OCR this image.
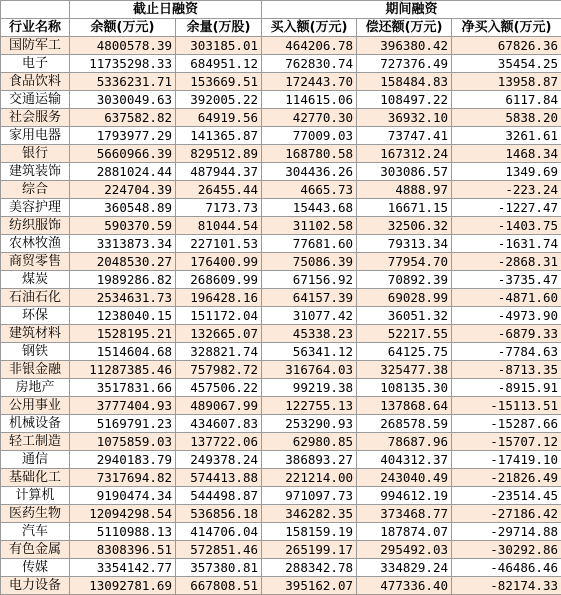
	截止日融资		期间融资		
行业名称	余额(万元)	余量(万股)	买入额(万元)	偿还额(万元)	净买入额(万元)
国防军工	4800578.39	303185.01	464206.78	396380.42	67826.36
电子	11735298.33	684951.12	762830.74	727376.49	35454.25
食品饮料	5336231.71	153669.51	172443.70	158484.83	13958.87
交通运输	3030049.63	392005.22	114615.06	108497.22	6117.84
社会服务	637582.82	64919.56	42770.30	36932.10	5838.20
家用电器	1793977.29	141365.87	77009.03	73747.41	3261.61
银行	5660966.39	829512.89	168780.58	167312.24	1468.34
建筑装饰	2881024.44	487944.37	304436.26	303086.57	1349.69
综合	224704.39	26455.44	4665.73	4888.97	-223.24
美容护理	360548.89	7173.73	15443.68	16671.15	-1227.47
纺织服饰	590370.59	81044.54	31102.58	32506.32	-1403.75
农林牧渔	3313873.34	227101.53	77681.60	79313.34	-1631.74
商贸零售	2048530.27	176400.99	75086.39	77954.70	-2868.31
煤炭	1989286.82	268609.99	67156.92	70892.39	-3735.47
石油石化	2534631.73	196428.16	64157.39	69028.99	-4871.60
环保	1238040.15	151172.04	31077.42	36051.32	-4973.90
建筑材料	1528195.21	132665.07	45338.23	52217.55	-6879.33
钢铁	1514604.68	328821.74	56341.12	64125.75	-7784.63
非银金融	11287385.46	757982.72	316764.03	325477.38	-8713.35
房地产	3517831.66	457506.22	99219.38	108135.30	-8915.91
公用事业	3777404.93	489067.99	122755.13	137868.64	-15113.51
机械设备	5169791.23	434607.83	253290.93	268578.59	-15287.66
轻工制造	1075859.03	137722.06	62980.85	78687.96	-15707.12
通信	2940183.79	249378.24	386893.27	404312.37	-17419.10
基础化工	7317694.82	574413.88	221214.00	243040.49	-21826.49
计算机	9190474.34	544498.87	971097.73	994612.19	-23514.45
医药生物	12094298.54	536856.18	346282.35	373468.77	-27186.42
汽车	5110988.13	414706.04	158159.19	187874.07	-29714.88
有色金属	8308396.51	572851.46	265199.17	295492.03	-30292.86
传媒	3354142.77	357380.81	288342.78	334829.24	-46486.46
电力设备	13092781.69	667808.51	395162.07	477336.40	-82174.33
